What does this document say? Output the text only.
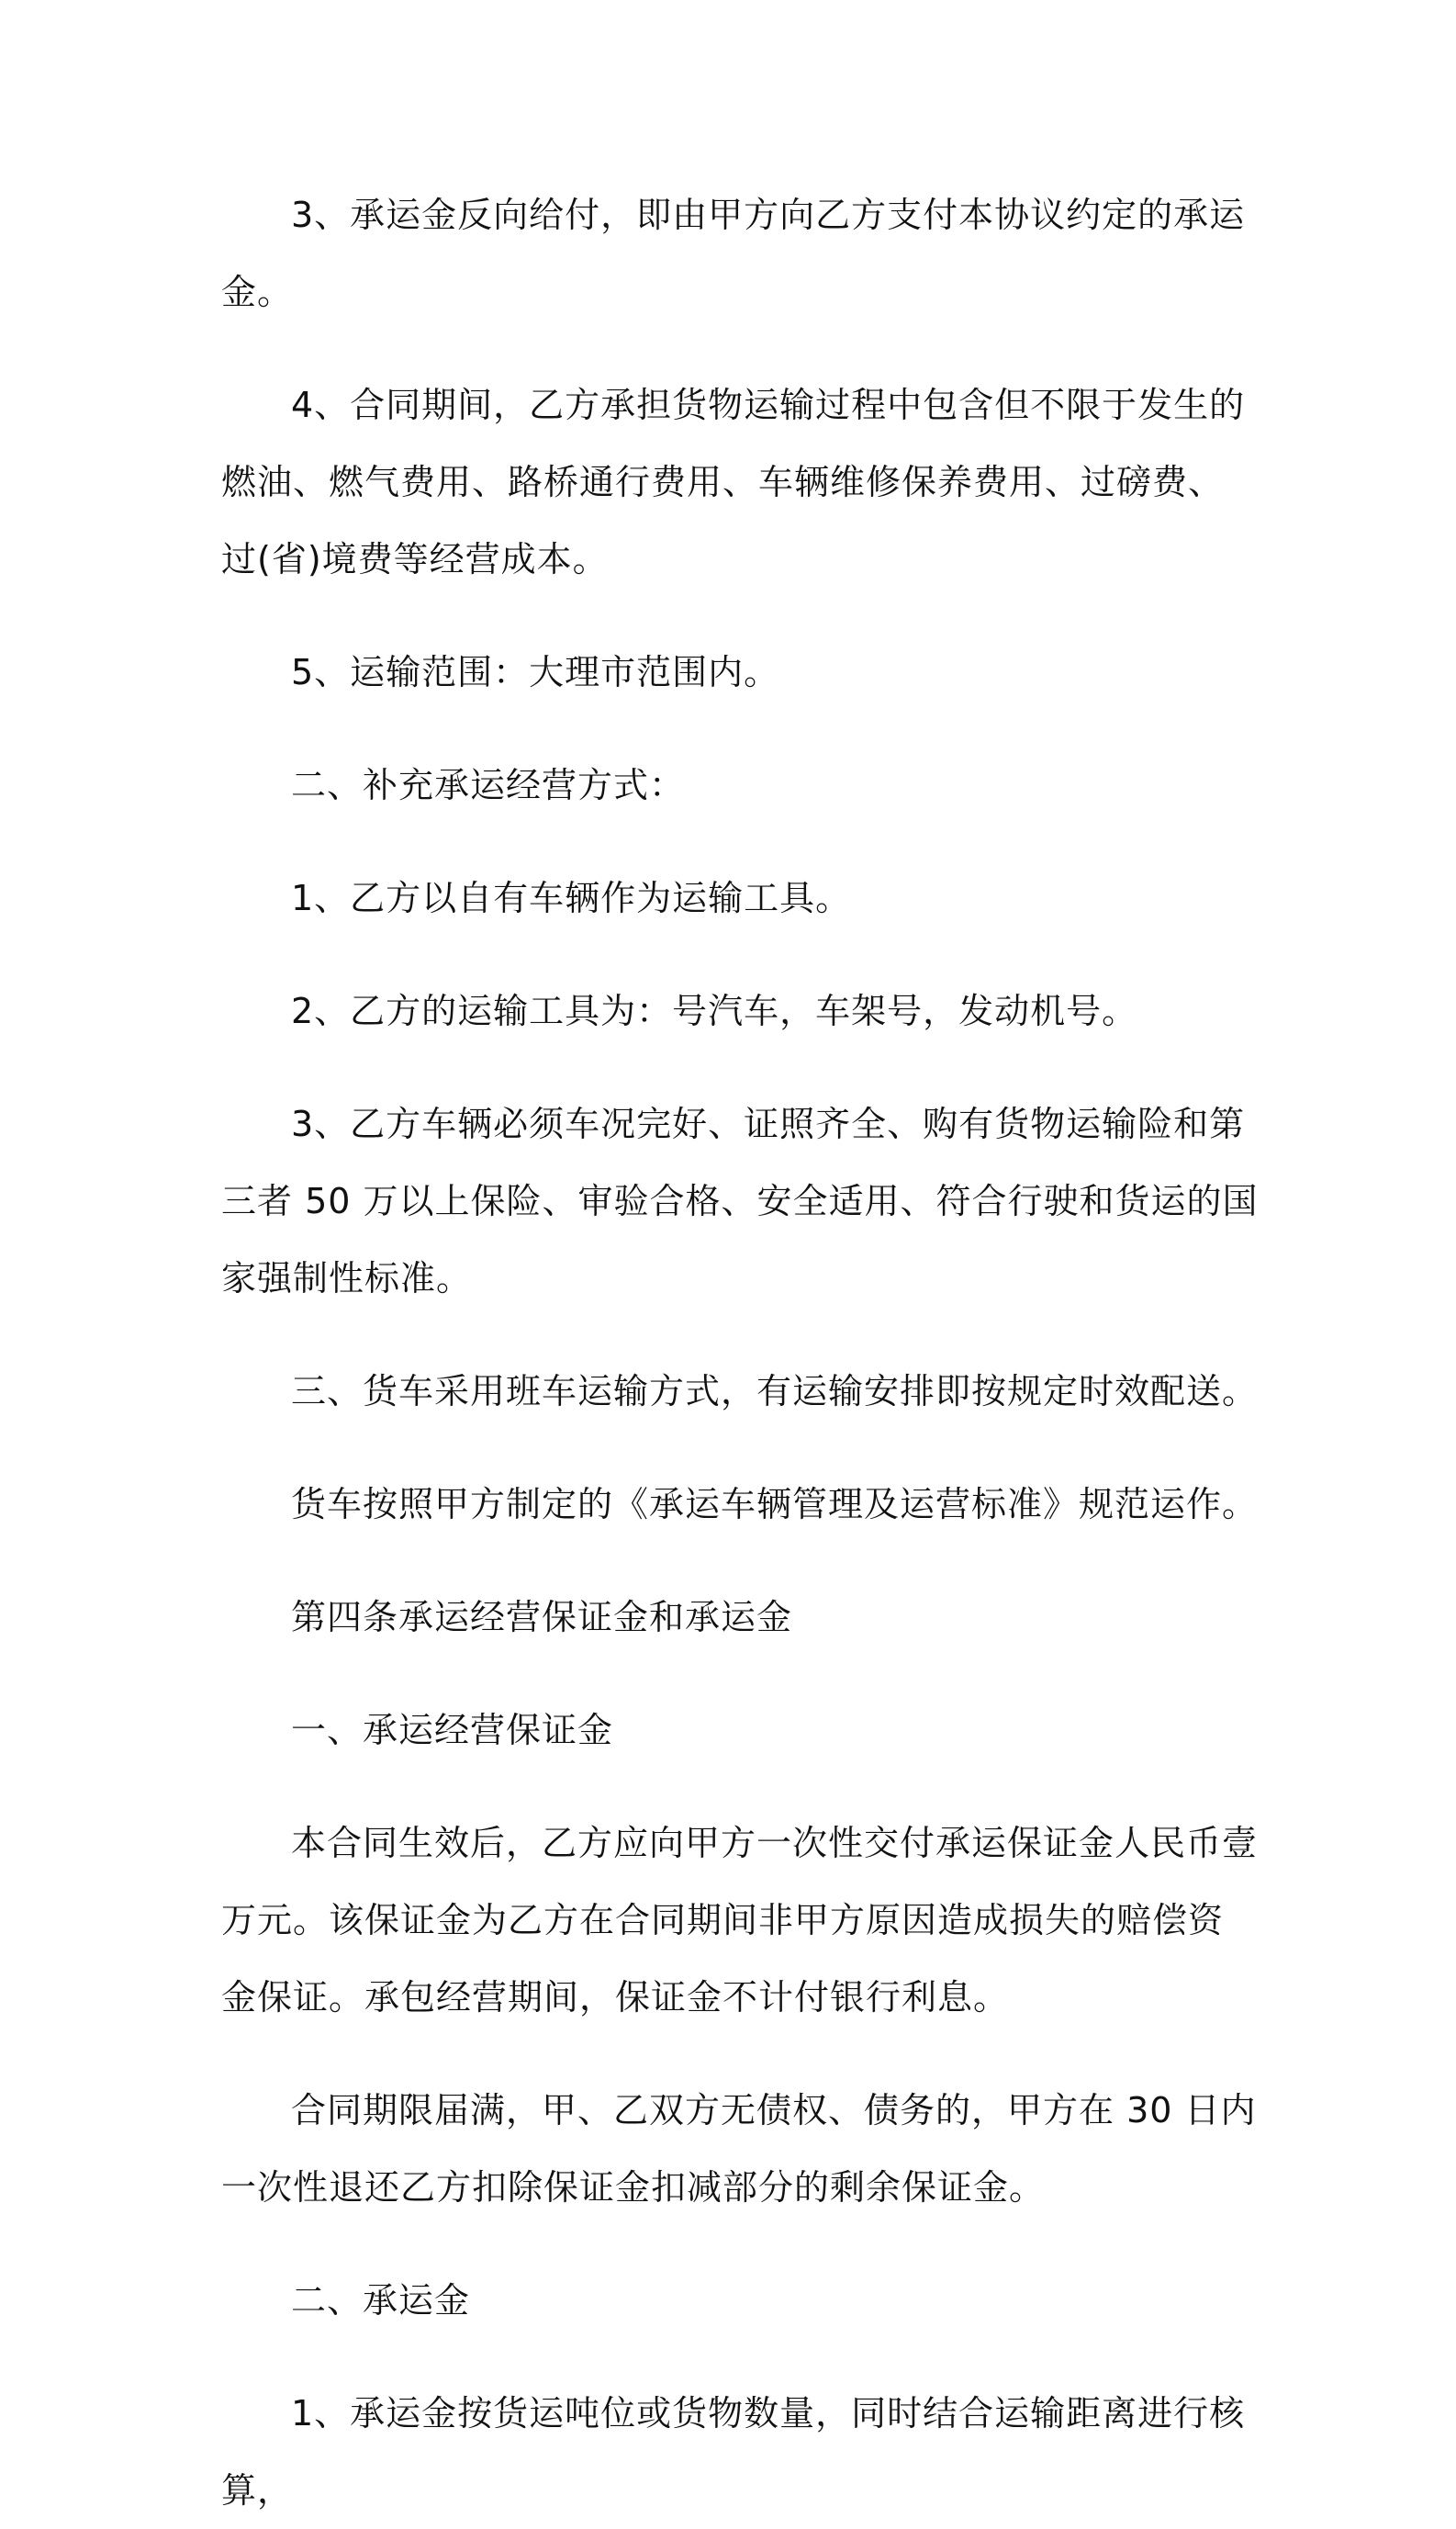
3、承运金反向给付，即由甲方向乙方支付本协议约定的承运金。

4、合同期间，乙方承担货物运输过程中包含但不限于发生的燃油、燃气费用、路桥通行费用、车辆维修保养费用、过磅费、过(省)境费等经营成本。

5、运输范围：大理市范围内。

二、补充承运经营方式：

1、乙方以自有车辆作为运输工具。

2、乙方的运输工具为：号汽车，车架号，发动机号。

3、乙方车辆必须车况完好、证照齐全、购有货物运输险和第三者 50 万以上保险、审验合格、安全适用、符合行驶和货运的国家强制性标准。

三、货车采用班车运输方式，有运输安排即按规定时效配送。

货车按照甲方制定的《承运车辆管理及运营标准》规范运作。

第四条承运经营保证金和承运金

一、承运经营保证金

本合同生效后，乙方应向甲方一次性交付承运保证金人民币壹万元。该保证金为乙方在合同期间非甲方原因造成损失的赔偿资金保证。承包经营期间，保证金不计付银行利息。

合同期限届满，甲、乙双方无债权、债务的，甲方在 30 日内一次性退还乙方扣除保证金扣减部分的剩余保证金。

二、承运金

1、承运金按货运吨位或货物数量，同时结合运输距离进行核算，
